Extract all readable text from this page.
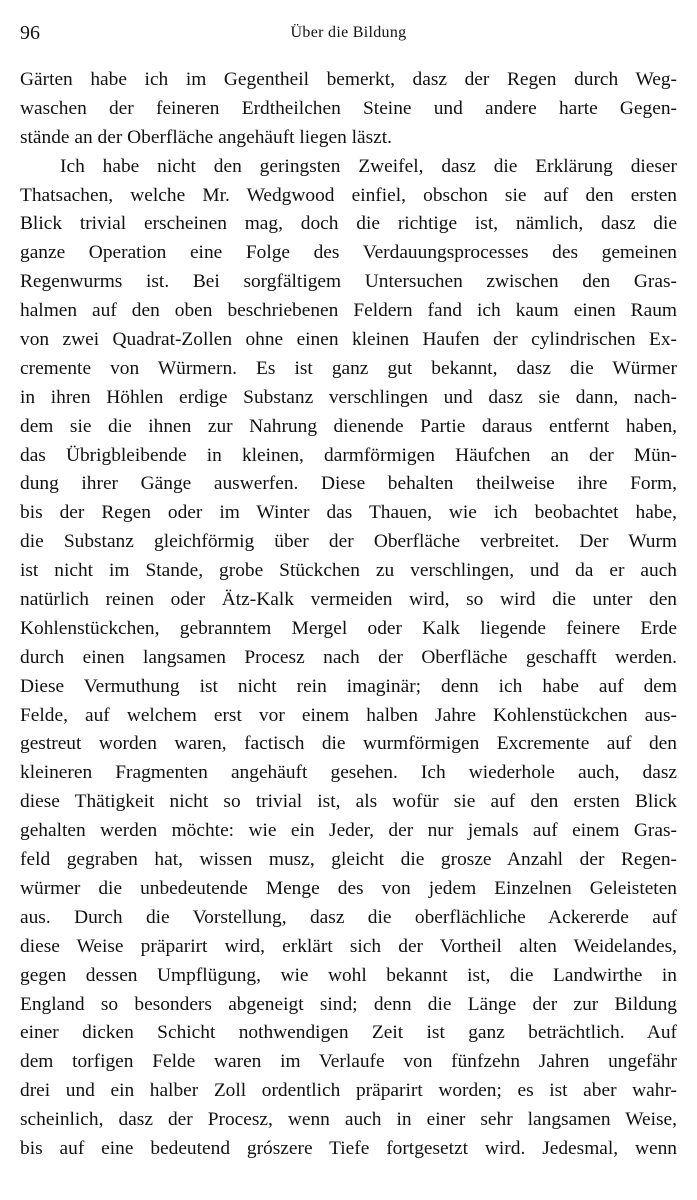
96	Über die Bildung
Gärten habe ich im Gegentheil bemerkt, dasz der Regen durch Weg-
waschen der feineren Erdtheilchen Steine und andere harte Gegen-
stände an der Oberfläche angehäuft liegen läszt.
Ich habe nicht den geringsten Zweifel, dasz die Erklärung dieser
Thatsachen, welche Mr. Wedgwood einfiel, obschon sie auf den ersten
Blick trivial erscheinen mag, doch die richtige ist, nämlich, dasz die
ganze Operation eine Folge des Verdauungsprocesses des gemeinen
Regenwurms ist. Bei sorgfältigem Untersuchen zwischen den Gras-
halmen auf den oben beschriebenen Feldern fand ich kaum einen Raum
von zwei Quadrat-Zollen ohne einen kleinen Haufen der cylindrischen Ex-
cremente von Würmern. Es ist ganz gut bekannt, dasz die Würmer
in ihren Höhlen erdige Substanz verschlingen und dasz sie dann, nach-
dem sie die ihnen zur Nahrung dienende Partie daraus entfernt haben,
das Übrigbleibende in kleinen, darmförmigen Häufchen an der Mün-
dung ihrer Gänge auswerfen. Diese behalten theilweise ihre Form,
bis der Regen oder im Winter das Thauen, wie ich beobachtet habe,
die Substanz gleichförmig über der Oberfläche verbreitet. Der Wurm
ist nicht im Stande, grobe Stückchen zu verschlingen, und da er auch
natürlich reinen oder Ätz-Kalk vermeiden wird, so wird die unter den
Kohlenstückchen, gebranntem Mergel oder Kalk liegende feinere Erde
durch einen langsamen Procesz nach der Oberfläche geschafft werden.
Diese Vermuthung ist nicht rein imaginär; denn ich habe auf dem
Felde, auf welchem erst vor einem halben Jahre Kohlenstückchen aus-
gestreut worden waren, factisch die wurmförmigen Excremente auf den
kleineren Fragmenten angehäuft gesehen. Ich wiederhole auch, dasz
diese Thätigkeit nicht so trivial ist, als wofür sie auf den ersten Blick
gehalten werden möchte: wie ein Jeder, der nur jemals auf einem Gras-
feld gegraben hat, wissen musz, gleicht die grosze Anzahl der Regen-
würmer die unbedeutende Menge des von jedem Einzelnen Geleisteten
aus. Durch die Vorstellung, dasz die oberflächliche Ackererde auf
diese Weise präparirt wird, erklärt sich der Vortheil alten Weidelandes,
gegen dessen Umpflügung, wie wohl bekannt ist, die Landwirthe in
England so besonders abgeneigt sind; denn die Länge der zur Bildung
einer dicken Schicht nothwendigen Zeit ist ganz beträchtlich. Auf
dem torfigen Felde waren im Verlaufe von fünfzehn Jahren ungefähr
drei und ein halber Zoll ordentlich präparirt worden; es ist aber wahr-
scheinlich, dasz der Procesz, wenn auch in einer sehr langsamen Weise,
bis auf eine bedeutend grószere Tiefe fortgesetzt wird. Jedesmal, wenn
